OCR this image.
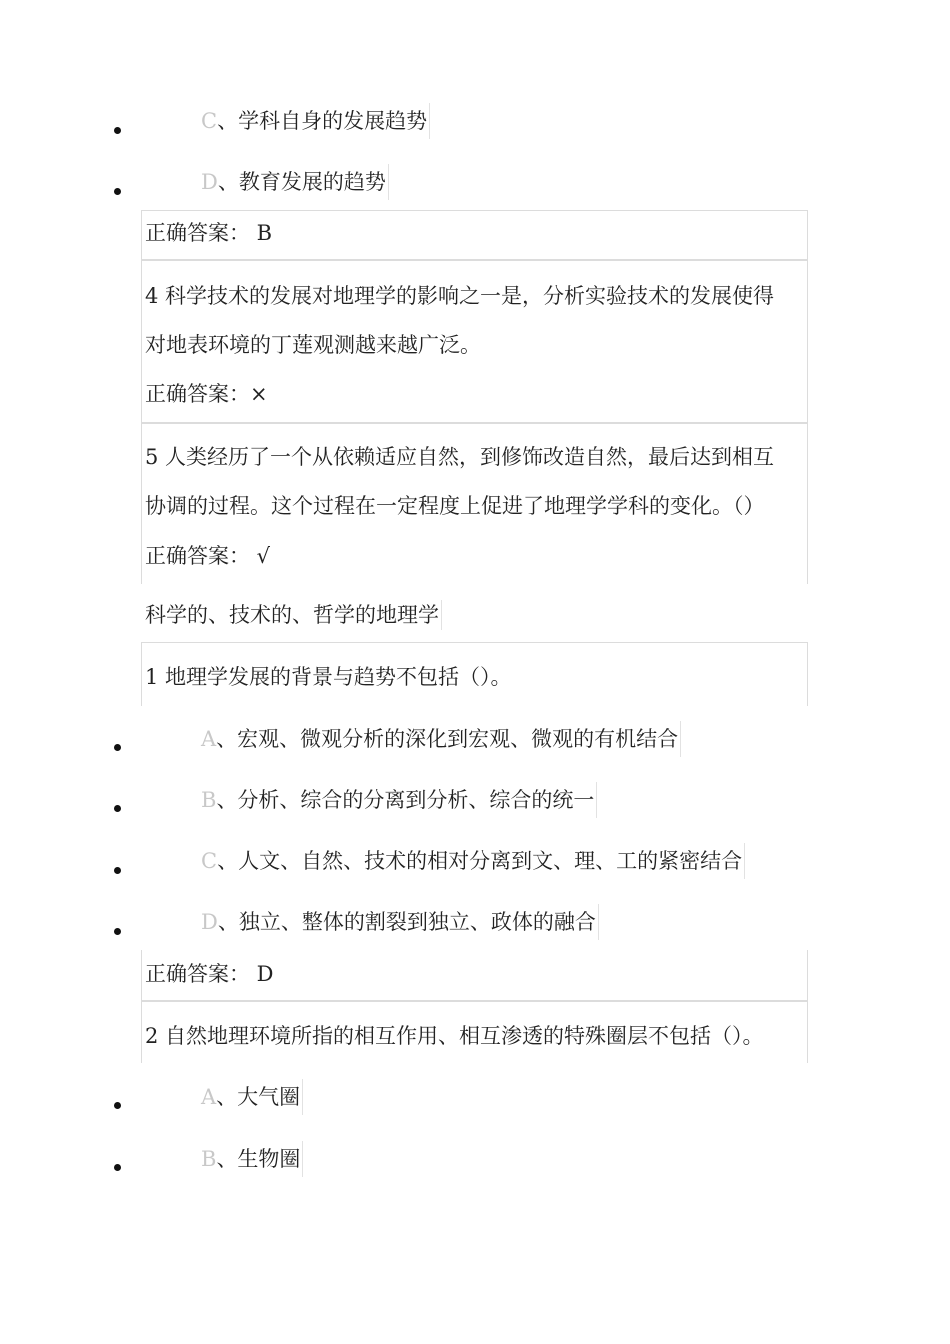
C、学科自身的发展趋势
D、教育发展的趋势
正确答案： B
4 科学技术的发展对地理学的影响之一是，分析实验技术的发展使得
对地表环境的丁莲观测越来越广泛。
正确答案：×
5 人类经历了一个从依赖适应自然，到修饰改造自然，最后达到相互
协调的过程。这个过程在一定程度上促进了地理学学科的变化。（）
正确答案： √
科学的、技术的、哲学的地理学
1 地理学发展的背景与趋势不包括（）。
A、宏观、微观分析的深化到宏观、微观的有机结合
B、分析、综合的分离到分析、综合的统一
C、人文、自然、技术的相对分离到文、理、工的紧密结合
D、独立、整体的割裂到独立、政体的融合
正确答案： D
2 自然地理环境所指的相互作用、相互渗透的特殊圈层不包括（）。
A、大气圈
B、生物圈
